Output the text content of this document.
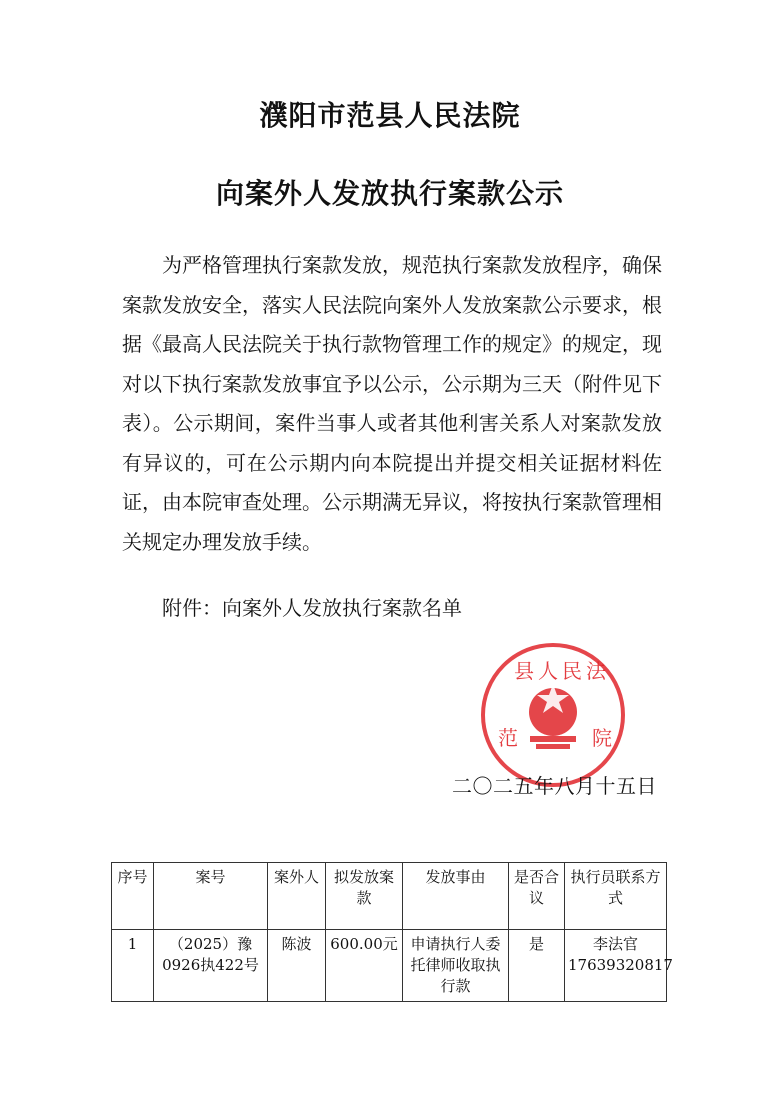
濮阳市范县人民法院
向案外人发放执行案款公示

为严格管理执行案款发放，规范执行案款发放程序，确保案款发放安全，落实人民法院向案外人发放案款公示要求，根据《最高人民法院关于执行款物管理工作的规定》的规定，现对以下执行案款发放事宜予以公示，公示期为三天（附件见下表）。公示期间，案件当事人或者其他利害关系人对案款发放有异议的，可在公示期内向本院提出并提交相关证据材料佐证，由本院审查处理。公示期满无异议，将按执行案款管理相关规定办理发放手续。

附件：向案外人发放执行案款名单

范
县人民法
院

二〇二五年八月十五日

序号	案号	案外人	拟发放案款	发放事由	是否合议	执行员联系方式
1	（2025）豫0926执422号	陈波	600.00元	申请执行人委托律师收取执行款	是	李法官17639320817
